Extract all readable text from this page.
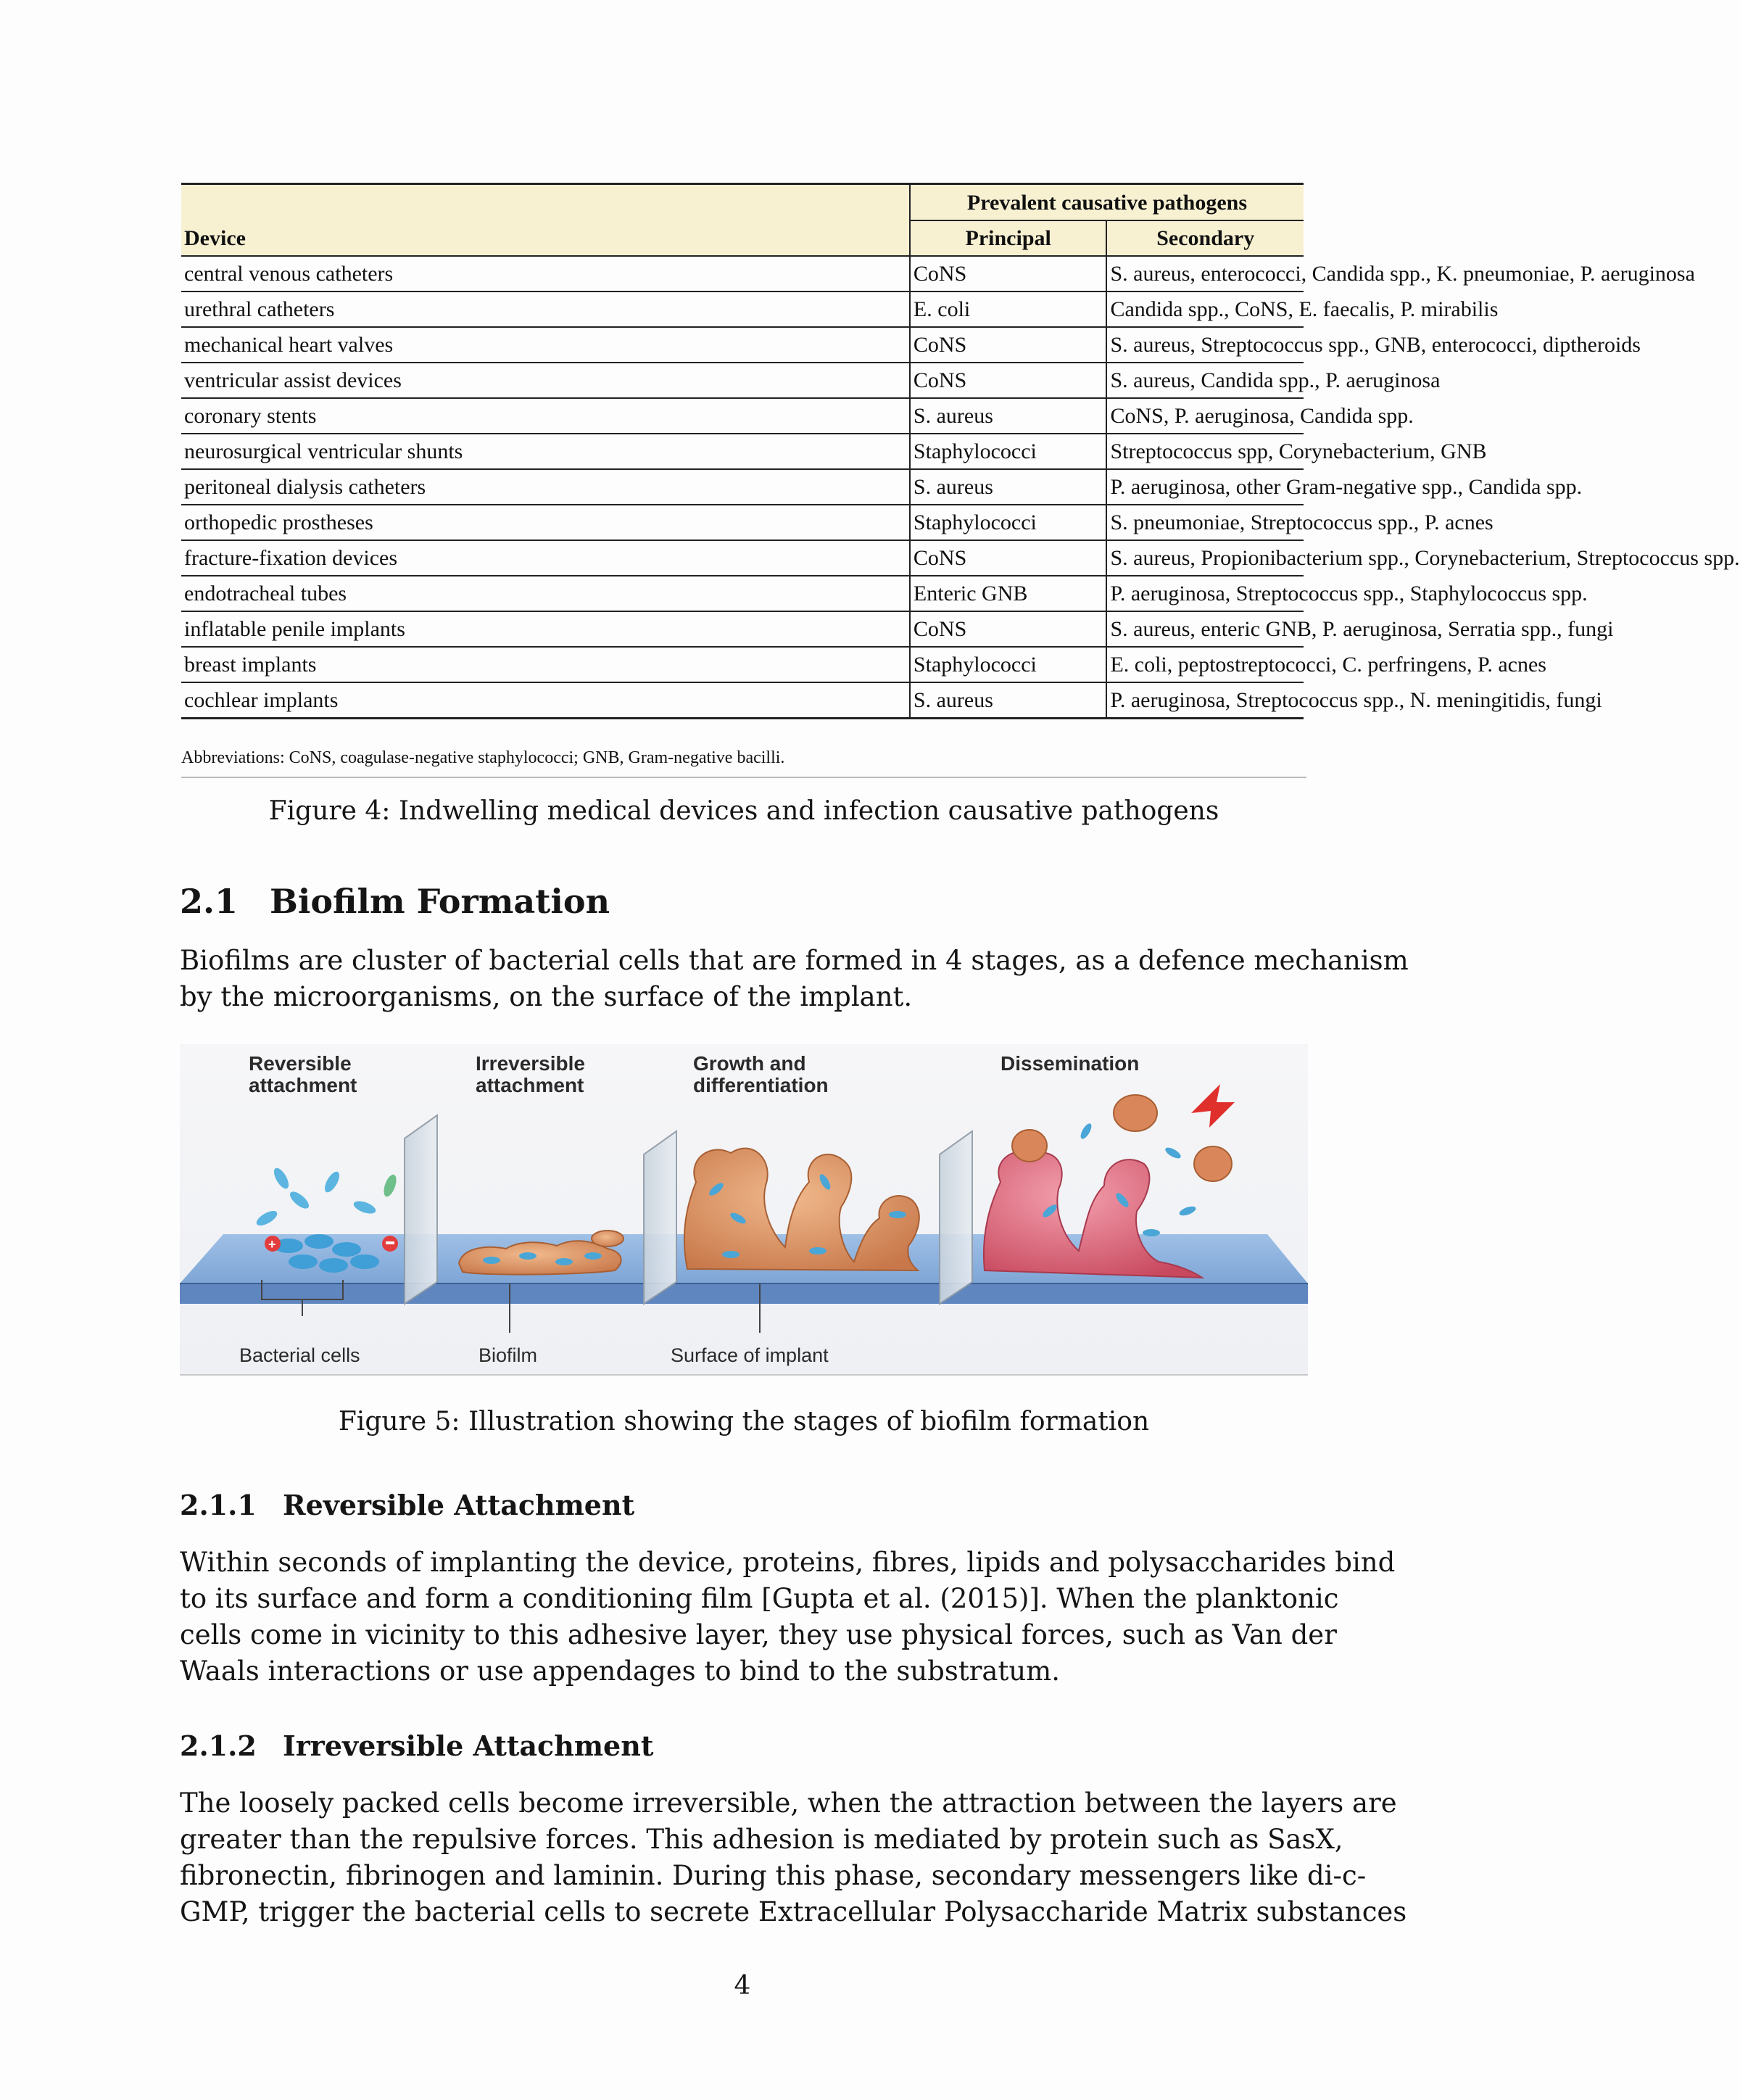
	Prevalent causative pathogens	
Device	Principal	Secondary
central venous catheters	CoNS	S. aureus, enterococci, Candida spp., K. pneumoniae, P. aeruginosa
urethral catheters	E. coli	Candida spp., CoNS, E. faecalis, P. mirabilis
mechanical heart valves	CoNS	S. aureus, Streptococcus spp., GNB, enterococci, diptheroids
ventricular assist devices	CoNS	S. aureus, Candida spp., P. aeruginosa
coronary stents	S. aureus	CoNS, P. aeruginosa, Candida spp.
neurosurgical ventricular shunts	Staphylococci	Streptococcus spp, Corynebacterium, GNB
peritoneal dialysis catheters	S. aureus	P. aeruginosa, other Gram-negative spp., Candida spp.
orthopedic prostheses	Staphylococci	S. pneumoniae, Streptococcus spp., P. acnes
fracture-fixation devices	CoNS	S. aureus, Propionibacterium spp., Corynebacterium, Streptococcus spp.
endotracheal tubes	Enteric GNB	P. aeruginosa, Streptococcus spp., Staphylococcus spp.
inflatable penile implants	CoNS	S. aureus, enteric GNB, P. aeruginosa, Serratia spp., fungi
breast implants	Staphylococci	E. coli, peptostreptococci, C. perfringens, P. acnes
cochlear implants	S. aureus	P. aeruginosa, Streptococcus spp., N. meningitidis, fungi
Abbreviations: CoNS, coagulase-negative staphylococci; GNB, Gram-negative bacilli.
Figure 4: Indwelling medical devices and infection causative pathogens
2.1 Biofilm Formation
Biofilms are cluster of bacterial cells that are formed in 4 stages, as a defence mechanism
by the microorganisms, on the surface of the implant.
Reversible
attachment
Irreversible
attachment
Growth and
differentiation
Dissemination
+
Bacterial cells	Biofilm	Surface of implant
Figure 5: Illustration showing the stages of biofilm formation
2.1.1 Reversible Attachment
Within seconds of implanting the device, proteins, fibres, lipids and polysaccharides bind
to its surface and form a conditioning film [Gupta et al. (2015)]. When the planktonic
cells come in vicinity to this adhesive layer, they use physical forces, such as Van der
Waals interactions or use appendages to bind to the substratum.
2.1.2 Irreversible Attachment
The loosely packed cells become irreversible, when the attraction between the layers are
greater than the repulsive forces. This adhesion is mediated by protein such as SasX,
fibronectin, fibrinogen and laminin. During this phase, secondary messengers like di-c-
GMP, trigger the bacterial cells to secrete Extracellular Polysaccharide Matrix substances
4
